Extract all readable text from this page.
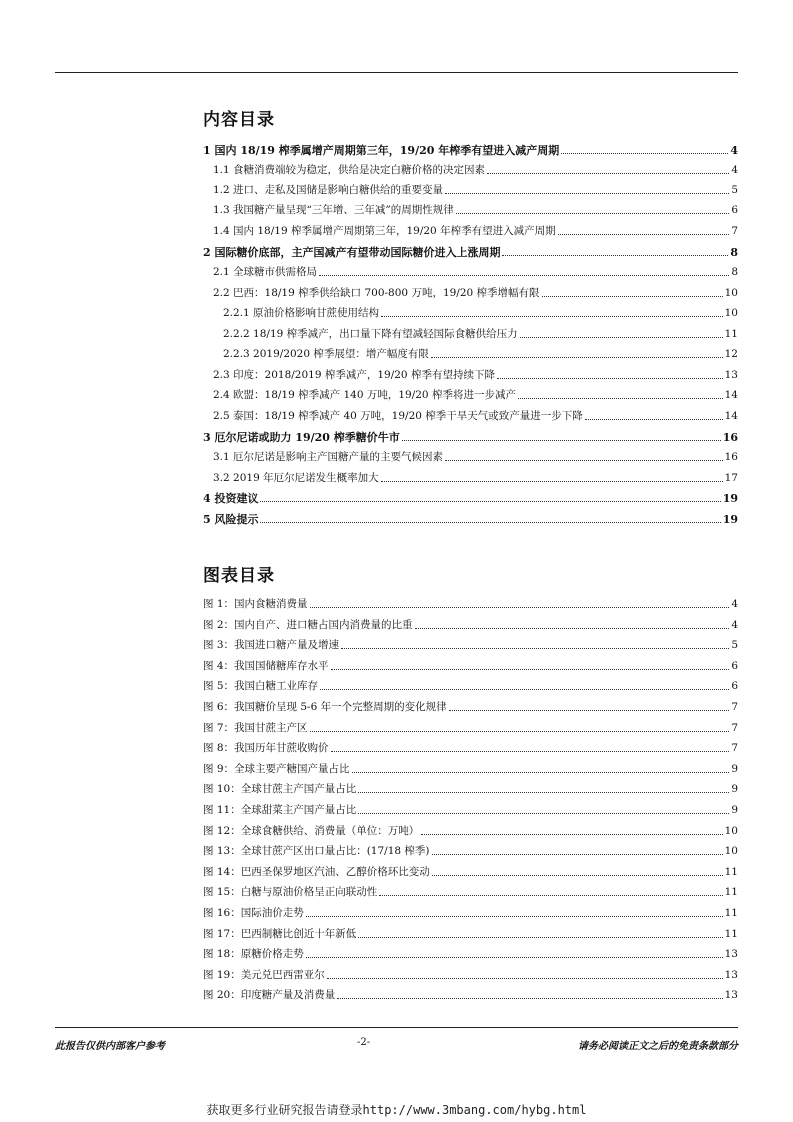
内容目录
1 国内 18/19 榨季属增产周期第三年，19/20 年榨季有望进入减产周期	4
1.1 食糖消费端较为稳定，供给是决定白糖价格的决定因素	4
1.2 进口、走私及国储是影响白糖供给的重要变量	5
1.3 我国糖产量呈现“三年增、三年减”的周期性规律	6
1.4 国内 18/19 榨季属增产周期第三年，19/20 年榨季有望进入减产周期	7
2 国际糖价底部，主产国减产有望带动国际糖价进入上涨周期	8
2.1 全球糖市供需格局	8
2.2 巴西：18/19 榨季供给缺口 700-800 万吨，19/20 榨季增幅有限	10
2.2.1 原油价格影响甘蔗使用结构	10
2.2.2 18/19 榨季减产，出口量下降有望减轻国际食糖供给压力	11
2.2.3 2019/2020 榨季展望：增产幅度有限	12
2.3 印度：2018/2019 榨季减产，19/20 榨季有望持续下降	13
2.4 欧盟：18/19 榨季减产 140 万吨，19/20 榨季将进一步减产	14
2.5 泰国：18/19 榨季减产 40 万吨，19/20 榨季干旱天气或致产量进一步下降	14
3 厄尔尼诺或助力 19/20 榨季糖价牛市	16
3.1 厄尔尼诺是影响主产国糖产量的主要气候因素	16
3.2 2019 年厄尔尼诺发生概率加大	17
4 投资建议	19
5 风险提示	19
图表目录
图 1：国内食糖消费量	4
图 2：国内自产、进口糖占国内消费量的比重	4
图 3：我国进口糖产量及增速	5
图 4：我国国储糖库存水平	6
图 5：我国白糖工业库存	6
图 6：我国糖价呈现 5-6 年一个完整周期的变化规律	7
图 7：我国甘蔗主产区	7
图 8：我国历年甘蔗收购价	7
图 9：全球主要产糖国产量占比	9
图 10：全球甘蔗主产国产量占比	9
图 11：全球甜菜主产国产量占比	9
图 12：全球食糖供给、消费量（单位：万吨）	10
图 13：全球甘蔗产区出口量占比：(17/18 榨季)	10
图 14：巴西圣保罗地区汽油、乙醇价格环比变动	11
图 15：白糖与原油价格呈正向联动性	11
图 16：国际油价走势	11
图 17：巴西制糖比创近十年新低	11
图 18：原糖价格走势	13
图 19：美元兑巴西雷亚尔	13
图 20：印度糖产量及消费量	13
此报告仅供内部客户参考	-2-	请务必阅读正文之后的免责条款部分
获取更多行业研究报告请登录http://www.3mbang.com/hybg.html
